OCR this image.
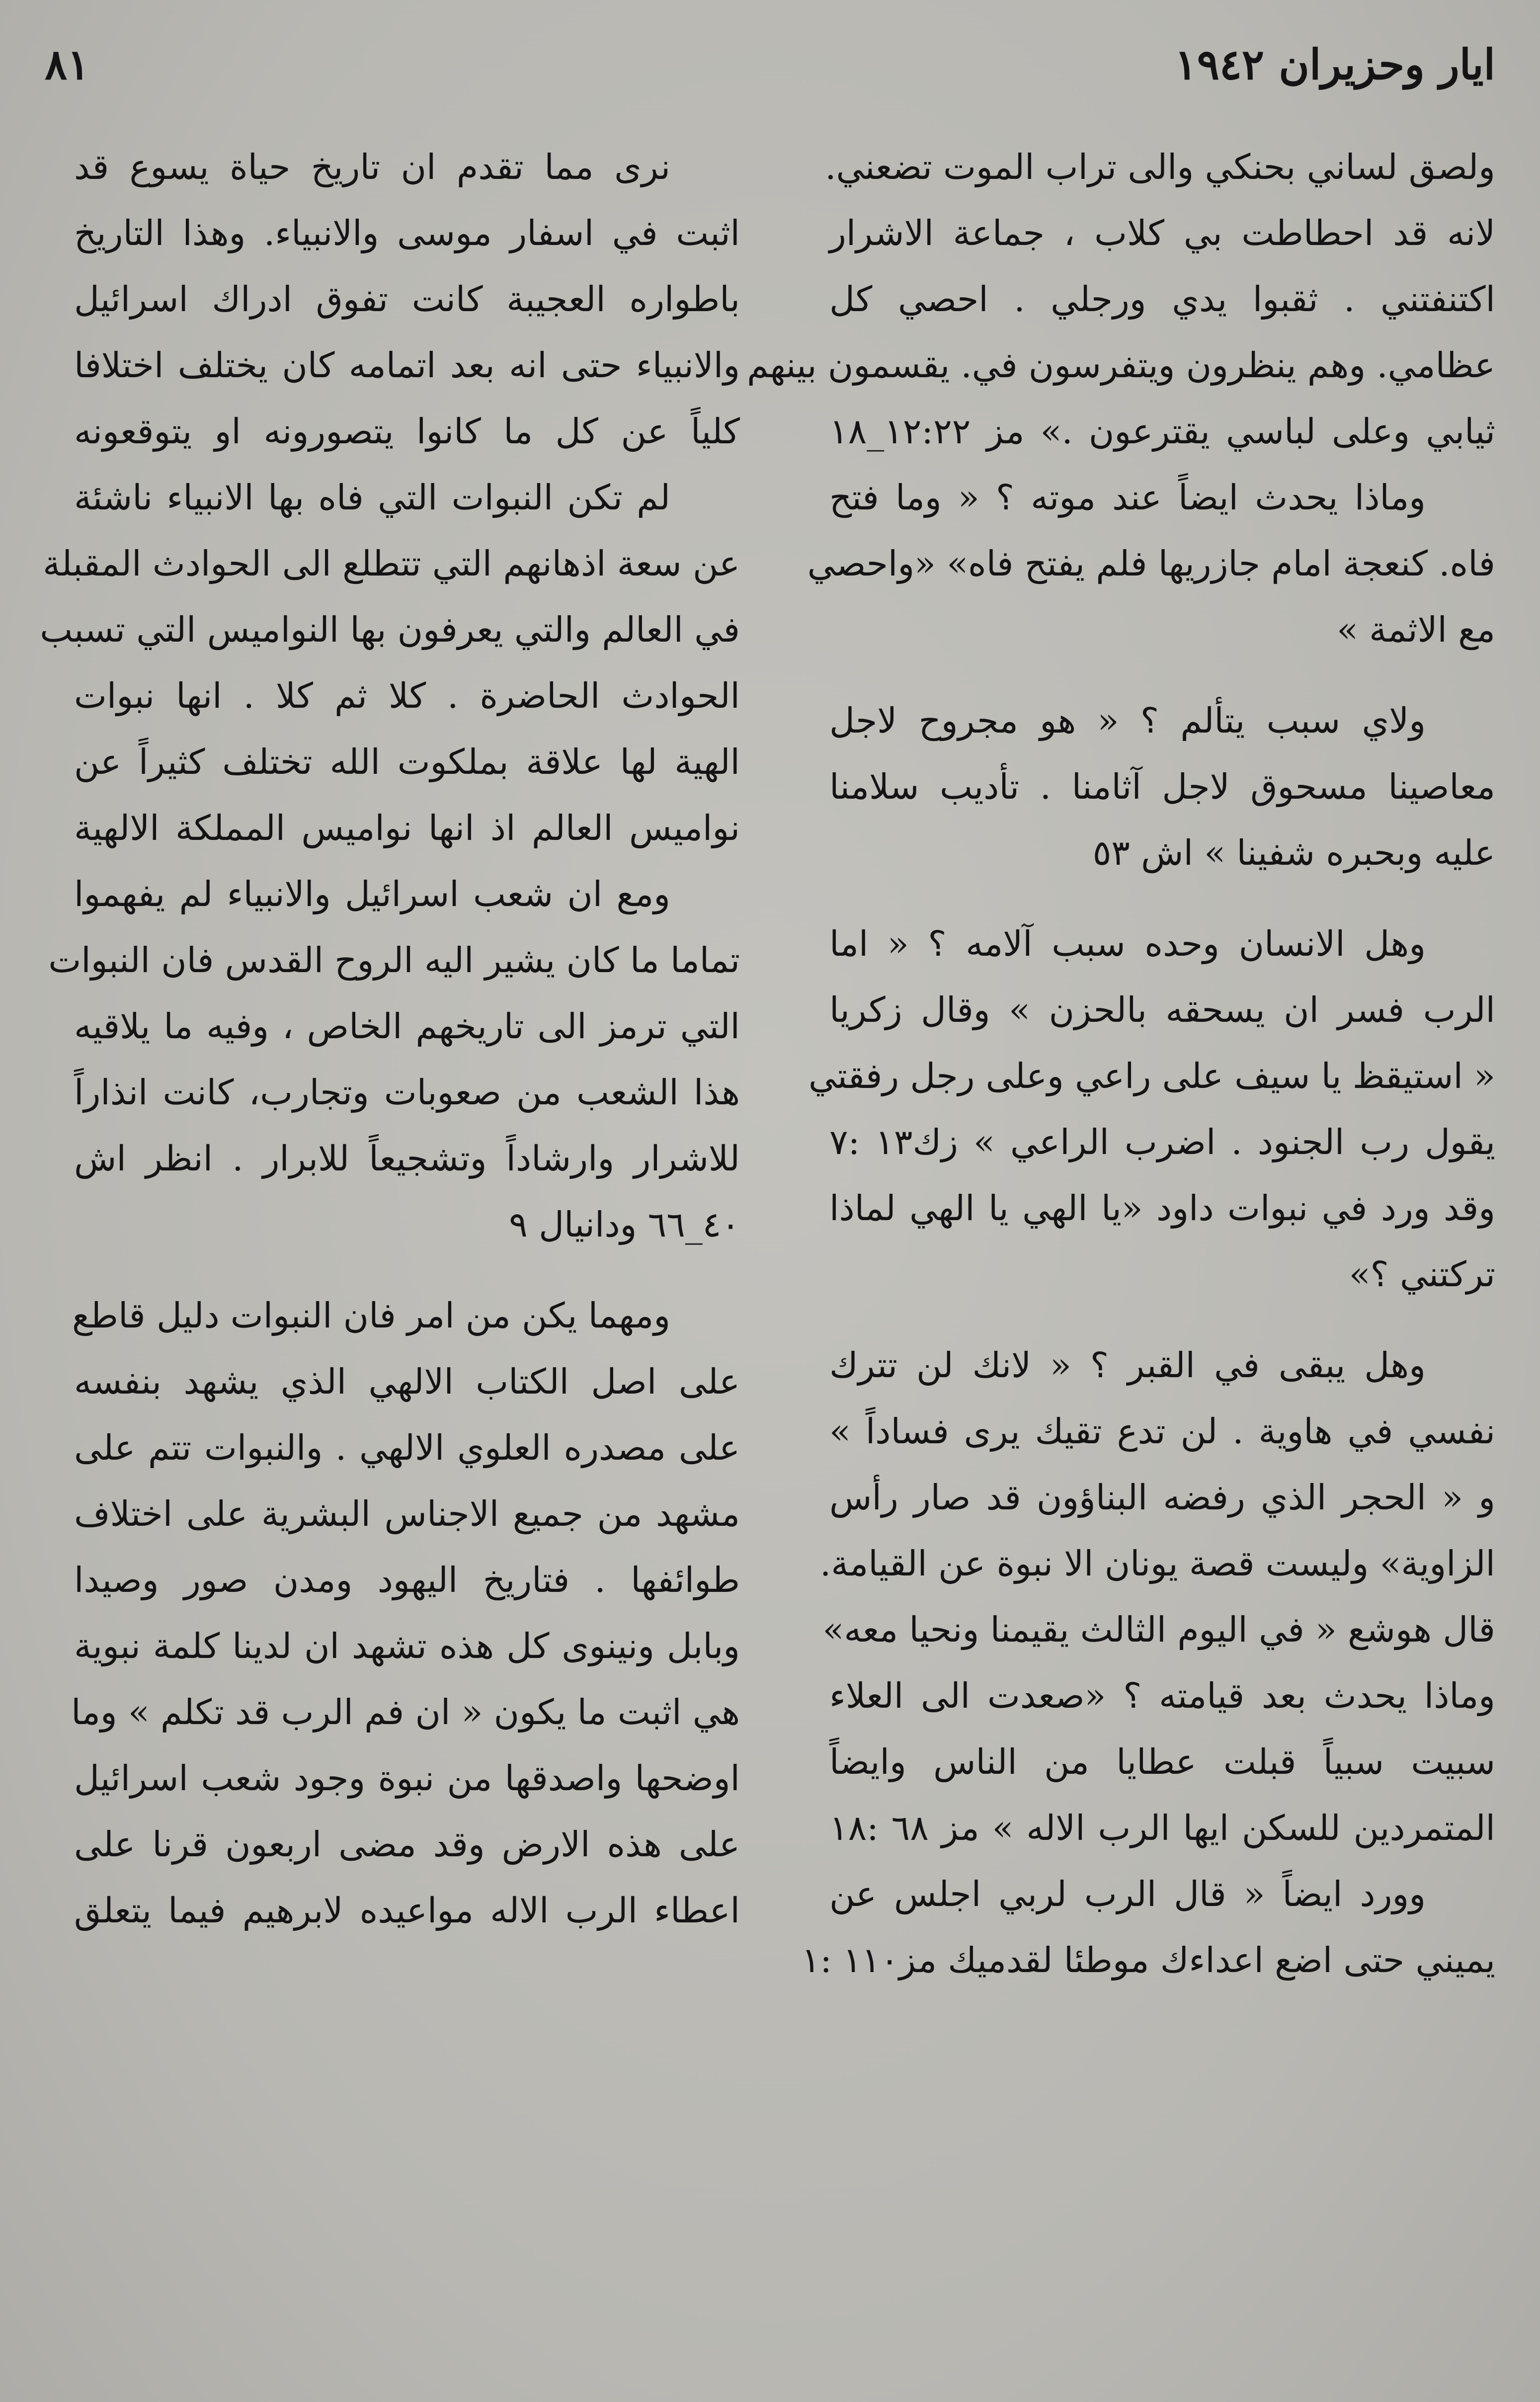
ايار وحزيران ١٩٤٢
٨١
ولصق لساني بحنكي والى تراب الموت تضعني.
لانه قد احطاطت بي كلاب ، جماعة الاشرار
اكتنفتني . ثقبوا يدي ورجلي . احصي كل
عظامي. وهم ينظرون ويتفرسون في. يقسمون بينهم
ثيابي وعلى لباسي يقترعون .» مز ١٢:٢٢_١٨
وماذا يحدث ايضاً عند موته ؟ « وما فتح
فاه. كنعجة امام جازريها فلم يفتح فاه» «واحصي
مع الاثمة »
ولاي سبب يتألم ؟ « هو مجروح لاجل
معاصينا مسحوق لاجل آثامنا . تأديب سلامنا
عليه وبحبره شفينا » اش ٥٣
وهل الانسان وحده سبب آلامه ؟ « اما
الرب فسر ان يسحقه بالحزن » وقال زكريا
« استيقظ يا سيف على راعي وعلى رجل رفقتي
يقول رب الجنود . اضرب الراعي » زك١٣ :٧
وقد ورد في نبوات داود «يا الهي يا الهي لماذا
تركتني ؟»
وهل يبقى في القبر ؟ « لانك لن تترك
نفسي في هاوية . لن تدع تقيك يرى فساداً »
و « الحجر الذي رفضه البناؤون قد صار رأس
الزاوية» وليست قصة يونان الا نبوة عن القيامة.
قال هوشع « في اليوم الثالث يقيمنا ونحيا معه»
وماذا يحدث بعد قيامته ؟ «صعدت الى العلاء
سبيت سبياً قبلت عطايا من الناس وايضاً
المتمردين للسكن ايها الرب الاله » مز ٦٨ :١٨
وورد ايضاً « قال الرب لربي اجلس عن
يميني حتى اضع اعداءك موطئا لقدميك مز١١٠ :١
نرى مما تقدم ان تاريخ حياة يسوع قد
اثبت في اسفار موسى والانبياء. وهذا التاريخ
باطواره العجيبة كانت تفوق ادراك اسرائيل
والانبياء حتى انه بعد اتمامه كان يختلف اختلافا
كلياً عن كل ما كانوا يتصورونه او يتوقعونه
لم تكن النبوات التي فاه بها الانبياء ناشئة
عن سعة اذهانهم التي تتطلع الى الحوادث المقبلة
في العالم والتي يعرفون بها النواميس التي تسبب
الحوادث الحاضرة . كلا ثم كلا . انها نبوات
الهية لها علاقة بملكوت الله تختلف كثيراً عن
نواميس العالم اذ انها نواميس المملكة الالهية
ومع ان شعب اسرائيل والانبياء لم يفهموا
تماما ما كان يشير اليه الروح القدس فان النبوات
التي ترمز الى تاريخهم الخاص ، وفيه ما يلاقيه
هذا الشعب من صعوبات وتجارب، كانت انذاراً
للاشرار وارشاداً وتشجيعاً للابرار . انظر اش
٤٠_٦٦ ودانيال ٩
ومهما يكن من امر فان النبوات دليل قاطع
على اصل الكتاب الالهي الذي يشهد بنفسه
على مصدره العلوي الالهي . والنبوات تتم على
مشهد من جميع الاجناس البشرية على اختلاف
طوائفها . فتاريخ اليهود ومدن صور وصيدا
وبابل ونينوى كل هذه تشهد ان لدينا كلمة نبوية
هي اثبت ما يكون « ان فم الرب قد تكلم » وما
اوضحها واصدقها من نبوة وجود شعب اسرائيل
على هذه الارض وقد مضى اربعون قرنا على
اعطاء الرب الاله مواعيده لابرهيم فيما يتعلق
